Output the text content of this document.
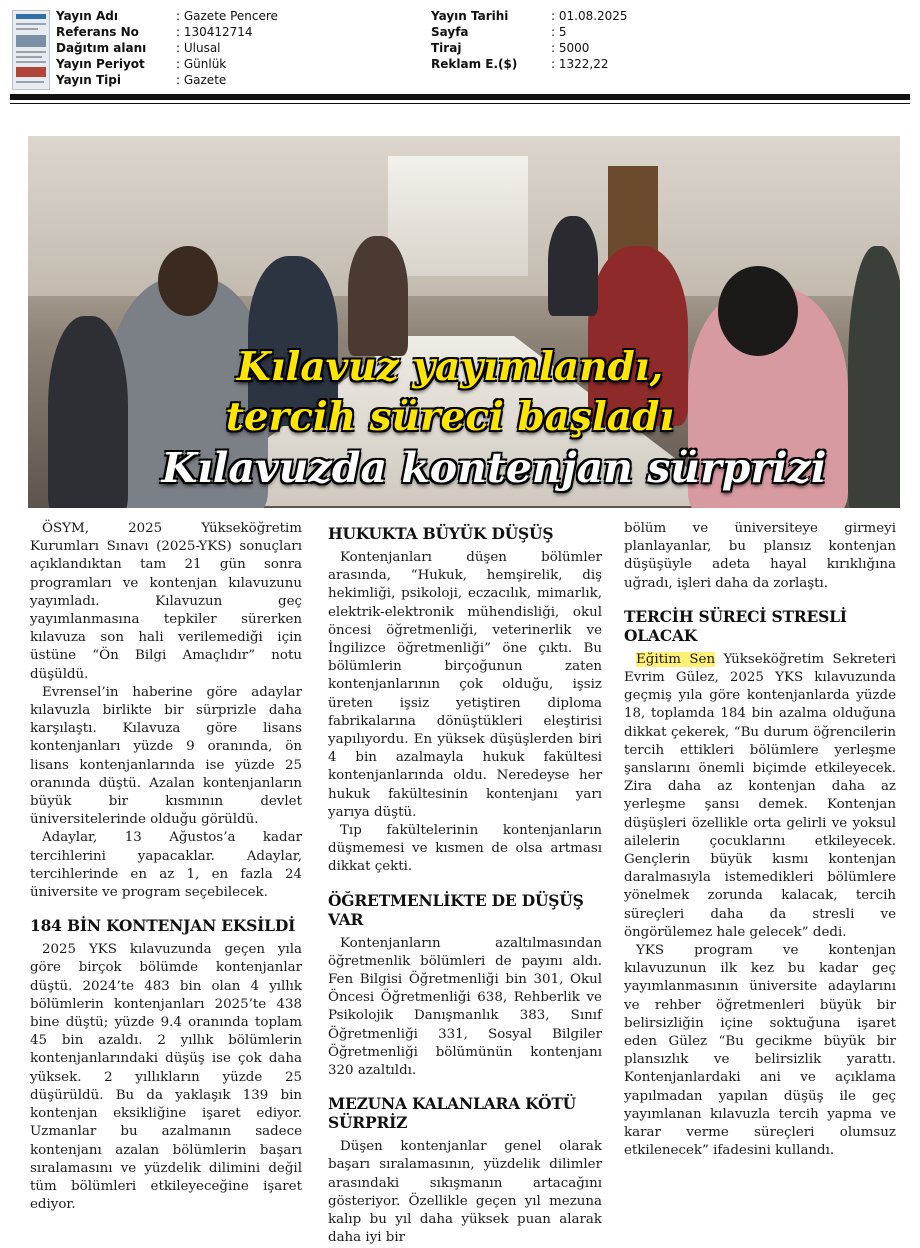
Yayın Adı	: Gazete Pencere
Referans No	: 130412714
Dağıtım alanı : Ulusal
Yayın Periyot	: Günlük
Yayın Tipi	: Gazete
Yayın Tarihi	: 01.08.2025
Sayfa	: 5
Tiraj	: 5000
Reklam E.($)	: 1322,22
Kılavuz yayımlandı,
tercih süreci başladı
Kılavuzda kontenjan sürprizi

ÖSYM, 2025 Yükseköğretim Kurumları Sınavı (2025-YKS) sonuçları açıklandıktan tam 21 gün sonra programları ve kontenjan kılavuzunu yayımladı. Kılavuzun geç yayımlanmasına tepkiler sürerken kılavuza son hali verilemediği için üstüne “Ön Bilgi Amaçlıdır” notu düşüldü.

Evrensel’in haberine göre adaylar kılavuzla birlikte bir sürprizle daha karşılaştı. Kılavuza göre lisans kontenjanları yüzde 9 oranında, ön lisans kontenjanlarında ise yüzde 25 oranında düştü. Azalan kontenjanların büyük bir kısmının devlet üniversitelerinde olduğu görüldü.

Adaylar, 13 Ağustos’a kadar tercihlerini yapacaklar. Adaylar, tercihlerinde en az 1, en fazla 24 üniversite ve program seçebilecek.

184 BİN KONTENJAN EKSİLDİ

2025 YKS kılavuzunda geçen yıla göre birçok bölümde kontenjanlar düştü. 2024’te 483 bin olan 4 yıllık bölümlerin kontenjanları 2025’te 438 bine düştü; yüzde 9.4 oranında toplam 45 bin azaldı. 2 yıllık bölümlerin kontenjanlarındaki düşüş ise çok daha yüksek. 2 yıllıkların yüzde 25 düşürüldü. Bu da yaklaşık 139 bin kontenjan eksikliğine işaret ediyor. Uzmanlar bu azalmanın sadece kontenjanı azalan bölümlerin başarı sıralamasını ve yüzdelik dilimini değil tüm bölümleri etkileyeceğine işaret ediyor.

HUKUKTA BÜYÜK DÜŞÜŞ

Kontenjanları düşen bölümler arasında, “Hukuk, hemşirelik, diş hekimliği, psikoloji, eczacılık, mimarlık, elektrik-elektronik mühendisliği, okul öncesi öğretmenliği, veterinerlik ve İngilizce öğretmenliği” öne çıktı. Bu bölümlerin birçoğunun zaten kontenjanlarının çok olduğu, işsiz üreten işsiz yetiştiren diploma fabrikalarına dönüştükleri eleştirisi yapılıyordu. En yüksek düşüşlerden biri 4 bin azalmayla hukuk fakültesi kontenjanlarında oldu. Neredeyse her hukuk fakültesinin kontenjanı yarı yarıya düştü.

Tıp fakültelerinin kontenjanların düşmemesi ve kısmen de olsa artması dikkat çekti.

ÖĞRETMENLİKTE DE DÜŞÜŞ VAR

Kontenjanların azaltılmasından öğretmenlik bölümleri de payını aldı. Fen Bilgisi Öğretmenliği bin 301, Okul Öncesi Öğretmenliği 638, Rehberlik ve Psikolojik Danışmanlık 383, Sınıf Öğretmenliği 331, Sosyal Bilgiler Öğretmenliği bölümünün kontenjanı 320 azaltıldı.

MEZUNA KALANLARA KÖTÜ SÜRPRİZ

Düşen kontenjanlar genel olarak başarı sıralamasının, yüzdelik dilimler arasındaki sıkışmanın artacağını gösteriyor. Özellikle geçen yıl mezuna kalıp bu yıl daha yüksek puan alarak daha iyi bir

bölüm ve üniversiteye girmeyi planlayanlar, bu plansız kontenjan düşüşüyle adeta hayal kırıklığına uğradı, işleri daha da zorlaştı.

TERCİH SÜRECİ STRESLİ OLACAK

Eğitim Sen Yükseköğretim Sekreteri Evrim Gülez, 2025 YKS kılavuzunda geçmiş yıla göre kontenjanlarda yüzde 18, toplamda 184 bin azalma olduğuna dikkat çekerek, “Bu durum öğrencilerin tercih ettikleri bölümlere yerleşme şanslarını önemli biçimde etkileyecek. Zira daha az kontenjan daha az yerleşme şansı demek. Kontenjan düşüşleri özellikle orta gelirli ve yoksul ailelerin çocuklarını etkileyecek. Gençlerin büyük kısmı kontenjan daralmasıyla istemedikleri bölümlere yönelmek zorunda kalacak, tercih süreçleri daha da stresli ve öngörülemez hale gelecek” dedi.

YKS program ve kontenjan kılavuzunun ilk kez bu kadar geç yayımlanmasının üniversite adaylarını ve rehber öğretmenleri büyük bir belirsizliğin içine soktuğuna işaret eden Gülez “Bu gecikme büyük bir plansızlık ve belirsizlik yarattı. Kontenjanlardaki ani ve açıklama yapılmadan yapılan düşüş ile geç yayımlanan kılavuzla tercih yapma ve karar verme süreçleri olumsuz etkilenecek” ifadesini kullandı.
